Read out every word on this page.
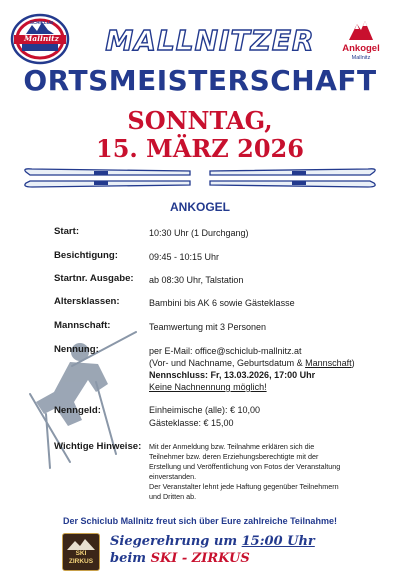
SCHICLUB
Mallnitz
Ankogel
Mallnitz
MALLNITZER
ORTSMEISTERSCHAFT
SONNTAG,
15. MÄRZ 2026
ANKOGEL
Start:	10:30 Uhr (1 Durchgang)
Besichtigung:	09:45 - 10:15 Uhr
Startnr. Ausgabe: ab 08:30 Uhr, Talstation
Altersklassen:	Bambini bis AK 6 sowie Gästeklasse
Mannschaft:	Teamwertung mit 3 Personen
Nennung:	per E-Mail: office@schiclub-mallnitz.at
(Vor- und Nachname, Geburtsdatum & Mannschaft)
Nennschluss: Fr, 13.03.2026, 17:00 Uhr
Keine Nachnennung möglich!
Nenngeld:	Einheimische (alle): € 10,00
Gästeklasse: € 15,00
Wichtige Hinweise: Mit der Anmeldung bzw. Teilnahme erklären sich die
Teilnehmer bzw. deren Erziehungsberechtigte mit der
Erstellung und Veröffentlichung von Fotos der Veranstaltung
einverstanden.
Der Veranstalter lehnt jede Haftung gegenüber Teilnehmern
und Dritten ab.
Der Schiclub Mallnitz freut sich über Eure zahlreiche Teilnahme!
SKI
ZIRKUS
Siegerehrung um 15:00 Uhr
beim SKI - ZIRKUS
